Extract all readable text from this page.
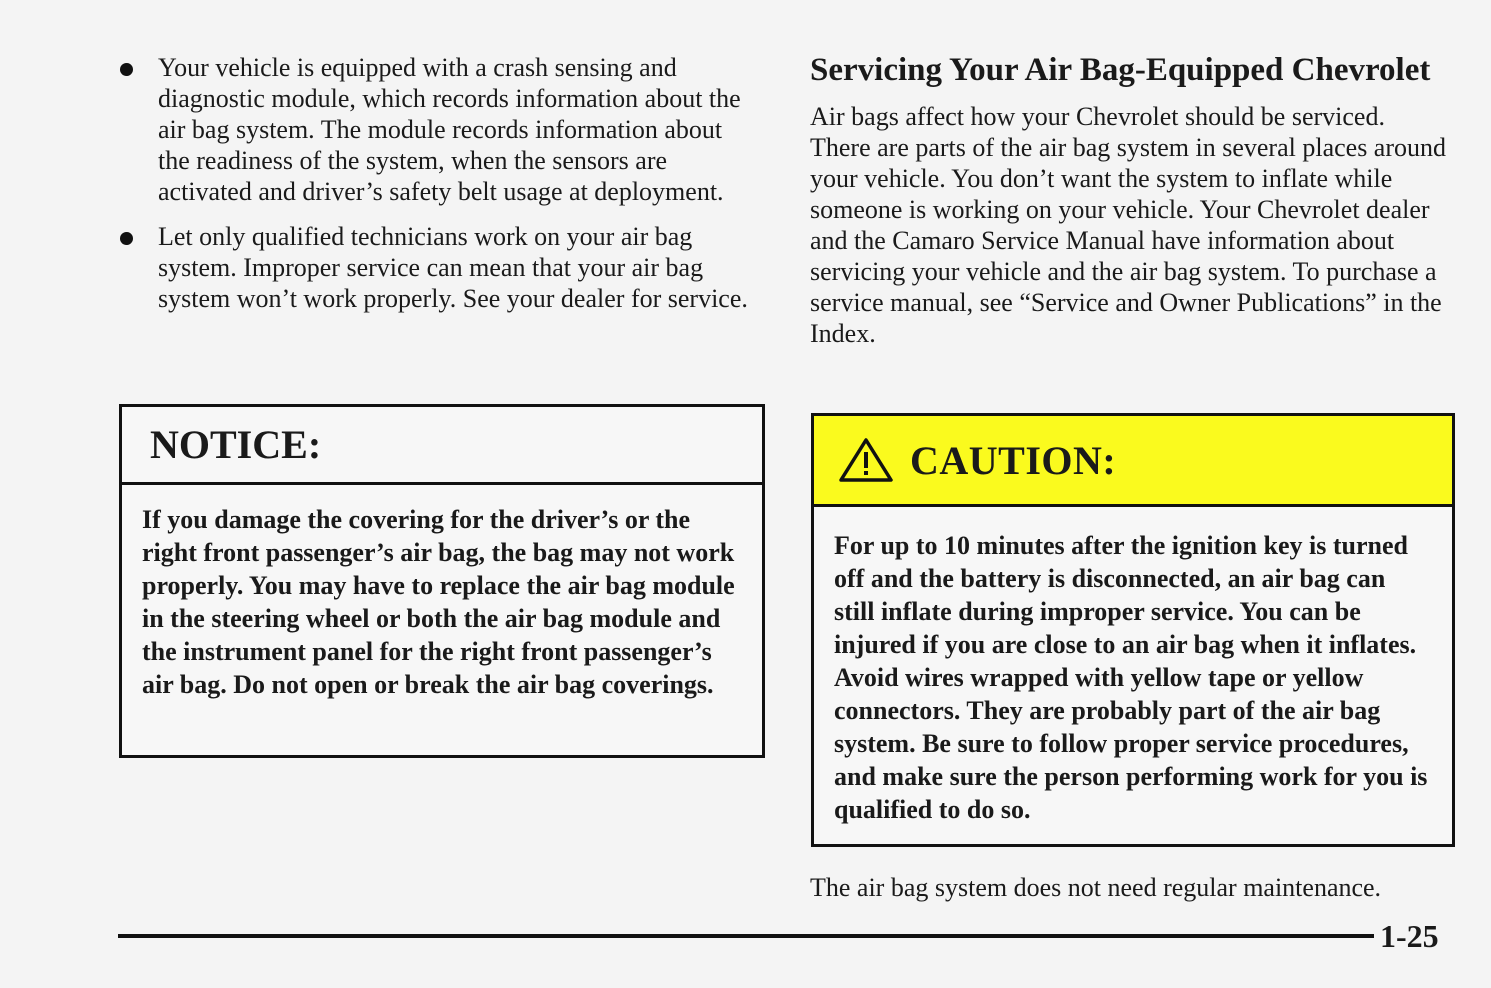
Your vehicle is equipped with a crash sensing and diagnostic module, which records information about the air bag system. The module records information about the readiness of the system, when the sensors are activated and driver’s safety belt usage at deployment.
Let only qualified technicians work on your air bag system. Improper service can mean that your air bag system won’t work properly. See your dealer for service.
NOTICE:
If you damage the covering for the driver’s or the right front passenger’s air bag, the bag may not work properly. You may have to replace the air bag module in the steering wheel or both the air bag module and the instrument panel for the right front passenger’s air bag. Do not open or break the air bag coverings.
Servicing Your Air Bag-Equipped Chevrolet

Air bags affect how your Chevrolet should be serviced. There are parts of the air bag system in several places around your vehicle. You don’t want the system to inflate while someone is working on your vehicle. Your Chevrolet dealer and the Camaro Service Manual have information about servicing your vehicle and the air bag system. To purchase a service manual, see “Service and Owner Publications” in the Index.

CAUTION:
For up to 10 minutes after the ignition key is turned off and the battery is disconnected, an air bag can still inflate during improper service. You can be injured if you are close to an air bag when it inflates. Avoid wires wrapped with yellow tape or yellow connectors. They are probably part of the air bag system. Be sure to follow proper service procedures, and make sure the person performing work for you is qualified to do so.
The air bag system does not need regular maintenance.
1-25
